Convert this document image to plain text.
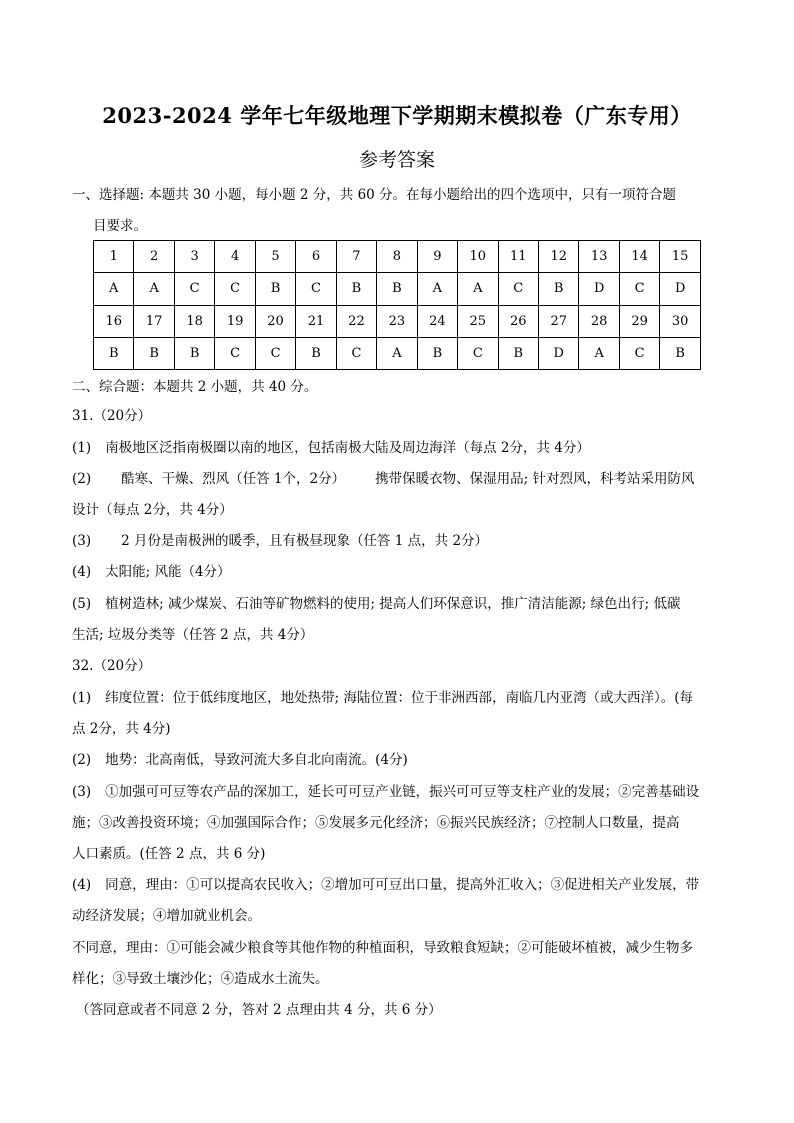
2023-2024 学年七年级地理下学期期末模拟卷（广东专用）
参考答案
一、选择题: 本题共 30 小题，每小题 2 分，共 60 分。在每小题给出的四个选项中，只有一项符合题
目要求。
1	2	3	4	5	6	7	8	9	10	11	12	13	14	15
A	A	C	C	B	C	B	B	A	A	C	B	D	C	D
16	17	18	19	20	21	22	23	24	25	26	27	28	29	30
B	B	B	C	C	B	C	A	B	C	B	D	A	C	B
二、综合题：本题共 2 小题，共 40 分。
31.（20分）
(1) 南极地区泛指南极圈以南的地区，包括南极大陆及周边海洋（每点 2分，共 4分）
(2) 酷寒、干燥、烈风（任答 1个，2分） 携带保暖衣物、保湿用品; 针对烈风，科考站采用防风
设计（每点 2分，共 4分）
(3) 2 月份是南极洲的暖季，且有极昼现象（任答 1 点，共 2分）
(4) 太阳能; 风能（4分）
(5) 植树造林; 减少煤炭、石油等矿物燃料的使用; 提高人们环保意识，推广清洁能源; 绿色出行; 低碳
生活; 垃圾分类等（任答 2 点，共 4分）
32.（20分）
(1) 纬度位置：位于低纬度地区，地处热带; 海陆位置：位于非洲西部，南临几内亚湾（或大西洋）。(每
点 2分，共 4分)
(2) 地势：北高南低，导致河流大多自北向南流。(4分)
(3) ①加强可可豆等农产品的深加工，延长可可豆产业链，振兴可可豆等支柱产业的发展；②完善基础设
施；③改善投资环境；④加强国际合作；⑤发展多元化经济；⑥振兴民族经济；⑦控制人口数量，提高
人口素质。(任答 2 点，共 6 分)
(4) 同意，理由：①可以提高农民收入；②增加可可豆出口量，提高外汇收入；③促进相关产业发展，带
动经济发展；④增加就业机会。
不同意，理由：①可能会减少粮食等其他作物的种植面积，导致粮食短缺；②可能破坏植被，减少生物多
样化；③导致土壤沙化；④造成水土流失。
（答同意或者不同意 2 分，答对 2 点理由共 4 分，共 6 分）
